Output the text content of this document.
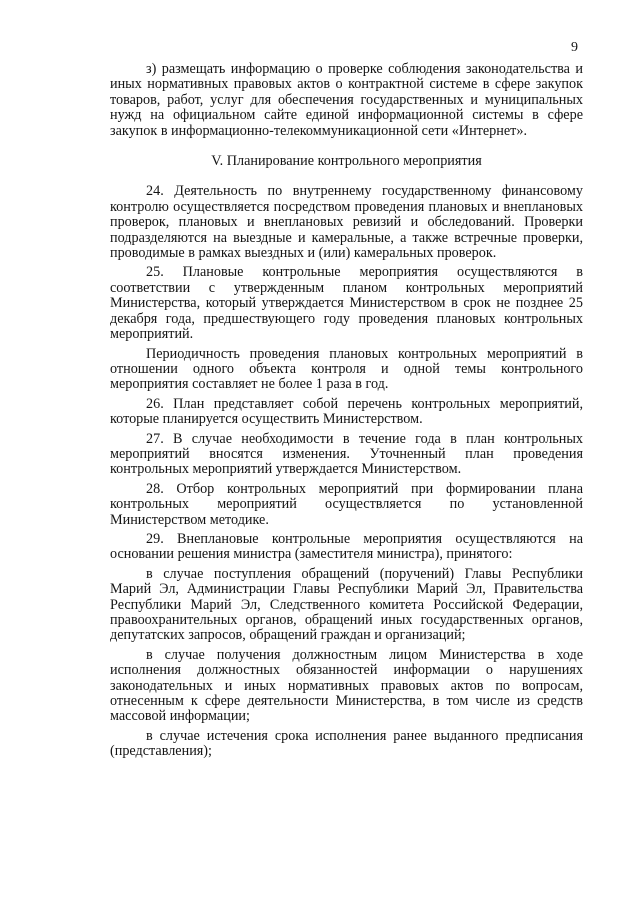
9

з) размещать информацию о проверке соблюдения законодательства и иных нормативных правовых актов о контрактной системе в сфере закупок товаров, работ, услуг для обеспечения государственных и муниципальных нужд на официальном сайте единой информационной системы в сфере закупок в информационно-телекоммуникационной сети «Интернет».

V. Планирование контрольного мероприятия

24. Деятельность по внутреннему государственному финансовому контролю осуществляется посредством проведения плановых и внеплановых проверок, плановых и внеплановых ревизий и обследований. Проверки подразделяются на выездные и камеральные, а также встречные проверки, проводимые в рамках выездных и (или) камеральных проверок.

25. Плановые контрольные мероприятия осуществляются в соответствии с утвержденным планом контрольных мероприятий Министерства, который утверждается Министерством в срок не позднее 25 декабря года, предшествующего году проведения плановых контрольных мероприятий.

Периодичность проведения плановых контрольных мероприятий в отношении одного объекта контроля и одной темы контрольного мероприятия составляет не более 1 раза в год.

26. План представляет собой перечень контрольных мероприятий, которые планируется осуществить Министерством.

27. В случае необходимости в течение года в план контрольных мероприятий вносятся изменения. Уточненный план проведения контрольных мероприятий утверждается Министерством.

28. Отбор контрольных мероприятий при формировании плана контрольных мероприятий осуществляется по установленной Министерством методике.

29. Внеплановые контрольные мероприятия осуществляются на основании решения министра (заместителя министра), принятого:

в случае поступления обращений (поручений) Главы Республики Марий Эл, Администрации Главы Республики Марий Эл, Правительства Республики Марий Эл, Следственного комитета Российской Федерации, правоохранительных органов, обращений иных государственных органов, депутатских запросов, обращений граждан и организаций;

в случае получения должностным лицом Министерства в ходе исполнения должностных обязанностей информации о нарушениях законодательных и иных нормативных правовых актов по вопросам, отнесенным к сфере деятельности Министерства, в том числе из средств массовой информации;

в случае истечения срока исполнения ранее выданного предписания (представления);
